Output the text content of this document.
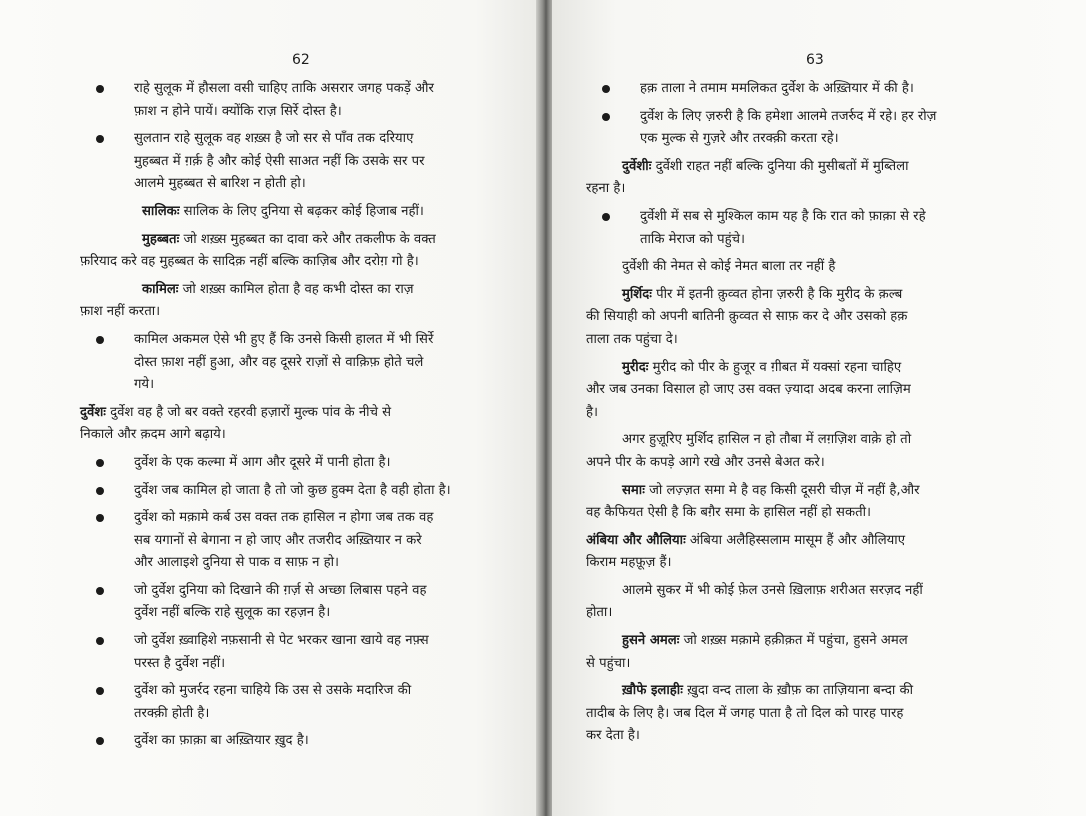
62
राहे सुलूक में हौसला वसी चाहिए ताकि असरार जगह पकड़ें और
फ़ाश न होने पायें। क्योंकि राज़ सिर्रे दोस्त है।
सुलतान राहे सुलूक वह शख़्स है जो सर से पाँव तक दरियाए
मुहब्बत में ग़र्क़ है और कोई ऐसी साअत नहीं कि उसके सर पर
आलमे मुहब्बत से बारिश न होती हो।
सालिकः सालिक के लिए दुनिया से बढ़कर कोई हिजाब नहीं।
मुहब्बतः जो शख़्स मुहब्बत का दावा करे और तकलीफ के वक्त
फ़रियाद करे वह मुहब्बत के सादिक़ नहीं बल्कि काज़िब और दरोग़ गो है।
कामिलः जो शख़्स कामिल होता है वह कभी दोस्त का राज़
फ़ाश नहीं करता।
कामिल अकमल ऐसे भी हुए हैं कि उनसे किसी हालत में भी सिर्रे
दोस्त फ़ाश नहीं हुआ, और वह दूसरे राज़ों से वाक़िफ़ होते चले
गये।
दुर्वेशः दुर्वेश वह है जो बर वक्ते रहरवी हज़ारों मुल्क पांव के नीचे से
निकाले और क़दम आगे बढ़ाये।
दुर्वेश के एक कल्मा में आग और दूसरे में पानी होता है।
दुर्वेश जब कामिल हो जाता है तो जो कुछ हुक्म देता है वही होता है।
दुर्वेश को मक़ामे कर्ब उस वक्त तक हासिल न होगा जब तक वह
सब यगानों से बेगाना न हो जाए और तजरीद अख़्तियार न करे
और आलाइशे दुनिया से पाक व साफ़ न हो।
जो दुर्वेश दुनिया को दिखाने की ग़र्ज़ से अच्छा लिबास पहने वह
दुर्वेश नहीं बल्कि राहे सुलूक का रहज़न है।
जो दुर्वेश ख़्वाहिशे नफ़सानी से पेट भरकर खाना खाये वह नफ़्स
परस्त है दुर्वेश नहीं।
दुर्वेश को मुजर्रद रहना चाहिये कि उस से उसके मदारिज की
तरक्क़ी होती है।
दुर्वेश का फ़ाक़ा बा अख़्तियार ख़ुद है।
63
हक़ ताला ने तमाम ममलिकत दुर्वेश के अख़्तियार में की है।
दुर्वेश के लिए ज़रुरी है कि हमेशा आलमे तजर्रुद में रहे। हर रोज़
एक मुल्क से गुज़रे और तरक्क़ी करता रहे।
दुर्वेशीः दुर्वेशी राहत नहीं बल्कि दुनिया की मुसीबतों में मुब्तिला
रहना है।
दुर्वेशी में सब से मुश्किल काम यह है कि रात को फ़ाक़ा से रहे
ताकि मेराज को पहुंचे।
दुर्वेशी की नेमत से कोई नेमत बाला तर नहीं है
मुर्शिदः पीर में इतनी क़ुव्वत होना ज़रुरी है कि मुरीद के क़ल्ब
की सियाही को अपनी बातिनी क़ुव्वत से साफ़ कर दे और उसको हक़
ताला तक पहुंचा दे।
मुरीदः मुरीद को पीर के हुजूर व ग़ीबत में यक्सां रहना चाहिए
और जब उनका विसाल हो जाए उस वक्त ज़्यादा अदब करना लाज़िम
है।
अगर हुज़ूरिए मुर्शिद हासिल न हो तौबा में लग़ज़िश वाक़े हो तो
अपने पीर के कपड़े आगे रखे और उनसे बेअत करे।
समाः जो लज़्ज़त समा मे है वह किसी दूसरी चीज़ में नहीं है,और
वह कैफियत ऐसी है कि बग़ैर समा के हासिल नहीं हो सकती।
अंबिया और औलियाः अंबिया अलैहिस्सलाम मासूम हैं और औलियाए
किराम महफ़ूज़ हैं।
आलमे सुकर में भी कोई फ़ेल उनसे ख़िलाफ़ शरीअत सरज़द नहीं
होता।
हुसने अमलः जो शख़्स मक़ामे हक़ीक़त में पहुंचा, हुसने अमल
से पहुंचा।
ख़ौफे इलाहीः ख़ुदा वन्द ताला के ख़ौफ़ का ताज़ियाना बन्दा की
तादीब के लिए है। जब दिल में जगह पाता है तो दिल को पारह पारह
कर देता है।
